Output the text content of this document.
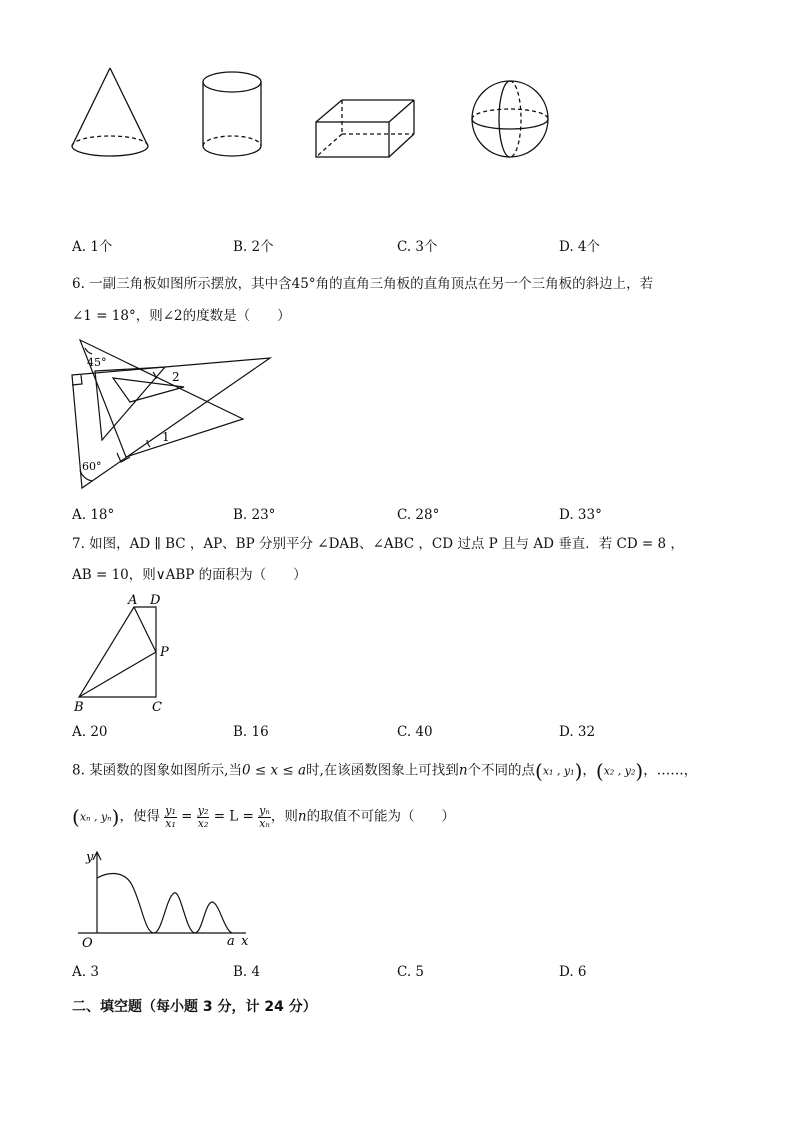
A. 1个	B. 2个	C. 3个	D. 4个
6. 一副三角板如图所示摆放，其中含45°角的直角三角板的直角顶点在另一个三角板的斜边上，若
∠1 = 18°，则∠2的度数是（　　）
45°
2
1
60°
A. 18°	B. 23°	C. 28°	D. 33°
7. 如图，AD ∥ BC ，AP、BP 分别平分 ∠DAB、∠ABC ，CD 过点 P 且与 AD 垂直．若 CD = 8 ，
AB = 10，则∨ABP 的面积为（　　）
A D
P
B	C
A. 20	B. 16	C. 40	D. 32
8. 某函数的图象如图所示,当0 ≤ x ≤ a时,在该函数图象上可找到n个不同的点(x₁ , y₁)，(x₂ , y₂)，……，
(xₙ , yₙ)，使得 $\frac{\text{y₁}}{\text{x₁}} = \frac{\text{y₂}}{\text{x₂}} = L = \frac{\text{yₙ}}{\text{xₙ}}$ ，则n的取值不可能为（　　）
y
O	a x
A. 3	B. 4	C. 5	D. 6
二、填空题（每小题 3 分，计 24 分）
